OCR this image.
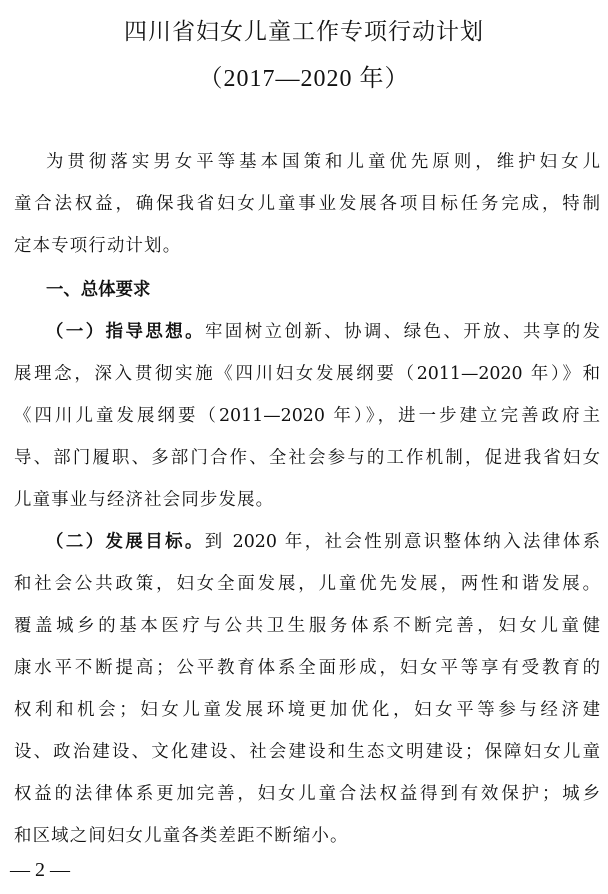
四川省妇女儿童工作专项行动计划
（2017—2020 年）
为贯彻落实男女平等基本国策和儿童优先原则，维护妇女儿
童合法权益，确保我省妇女儿童事业发展各项目标任务完成，特制
定本专项行动计划。
一、总体要求
（一）指导思想。牢固树立创新、协调、绿色、开放、共享的发
展理念，深入贯彻实施《四川妇女发展纲要（2011—2020 年）》和
《四川儿童发展纲要（2011—2020 年）》，进一步建立完善政府主
导、部门履职、多部门合作、全社会参与的工作机制，促进我省妇女
儿童事业与经济社会同步发展。
（二）发展目标。到 2020 年，社会性别意识整体纳入法律体系
和社会公共政策，妇女全面发展，儿童优先发展，两性和谐发展。
覆盖城乡的基本医疗与公共卫生服务体系不断完善，妇女儿童健
康水平不断提高；公平教育体系全面形成，妇女平等享有受教育的
权利和机会；妇女儿童发展环境更加优化，妇女平等参与经济建
设、政治建设、文化建设、社会建设和生态文明建设；保障妇女儿童
权益的法律体系更加完善，妇女儿童合法权益得到有效保护；城乡
和区域之间妇女儿童各类差距不断缩小。
— 2 —
